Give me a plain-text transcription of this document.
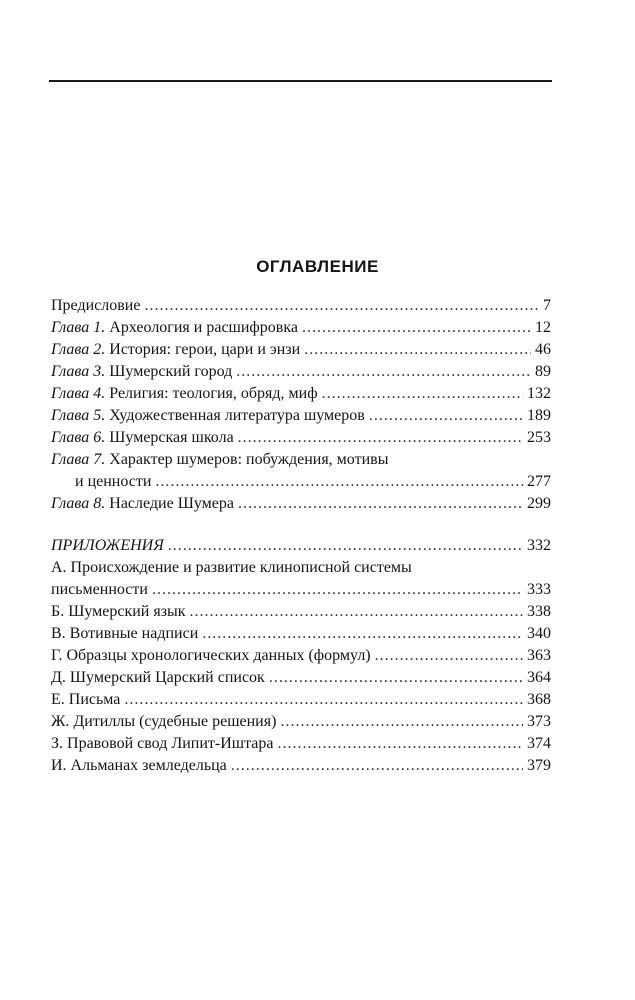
ОГЛАВЛЕНИЕ
Предисловие .....	7
Глава 1. Археология и расшифровка .....	12
Глава 2. История: герои, цари и энзи .....	46
Глава 3. Шумерский город .....	89
Глава 4. Религия: теология, обряд, миф .....	132
Глава 5. Художественная литература шумеров .....	189
Глава 6. Шумерская школа .....	253
Глава 7. Характер шумеров: побуждения, мотивы
и ценности .....	277
Глава 8. Наследие Шумера .....	299
ПРИЛОЖЕНИЯ .....	332
А. Происхождение и развитие клинописной системы
письменности .....	333
Б. Шумерский язык .....	338
В. Вотивные надписи .....	340
Г. Образцы хронологических данных (формул) .....	363
Д. Шумерский Царский список .....	364
Е. Письма .....	368
Ж. Дитиллы (судебные решения) .....	373
З. Правовой свод Липит-Иштара .....	374
И. Альманах земледельца .....	379
